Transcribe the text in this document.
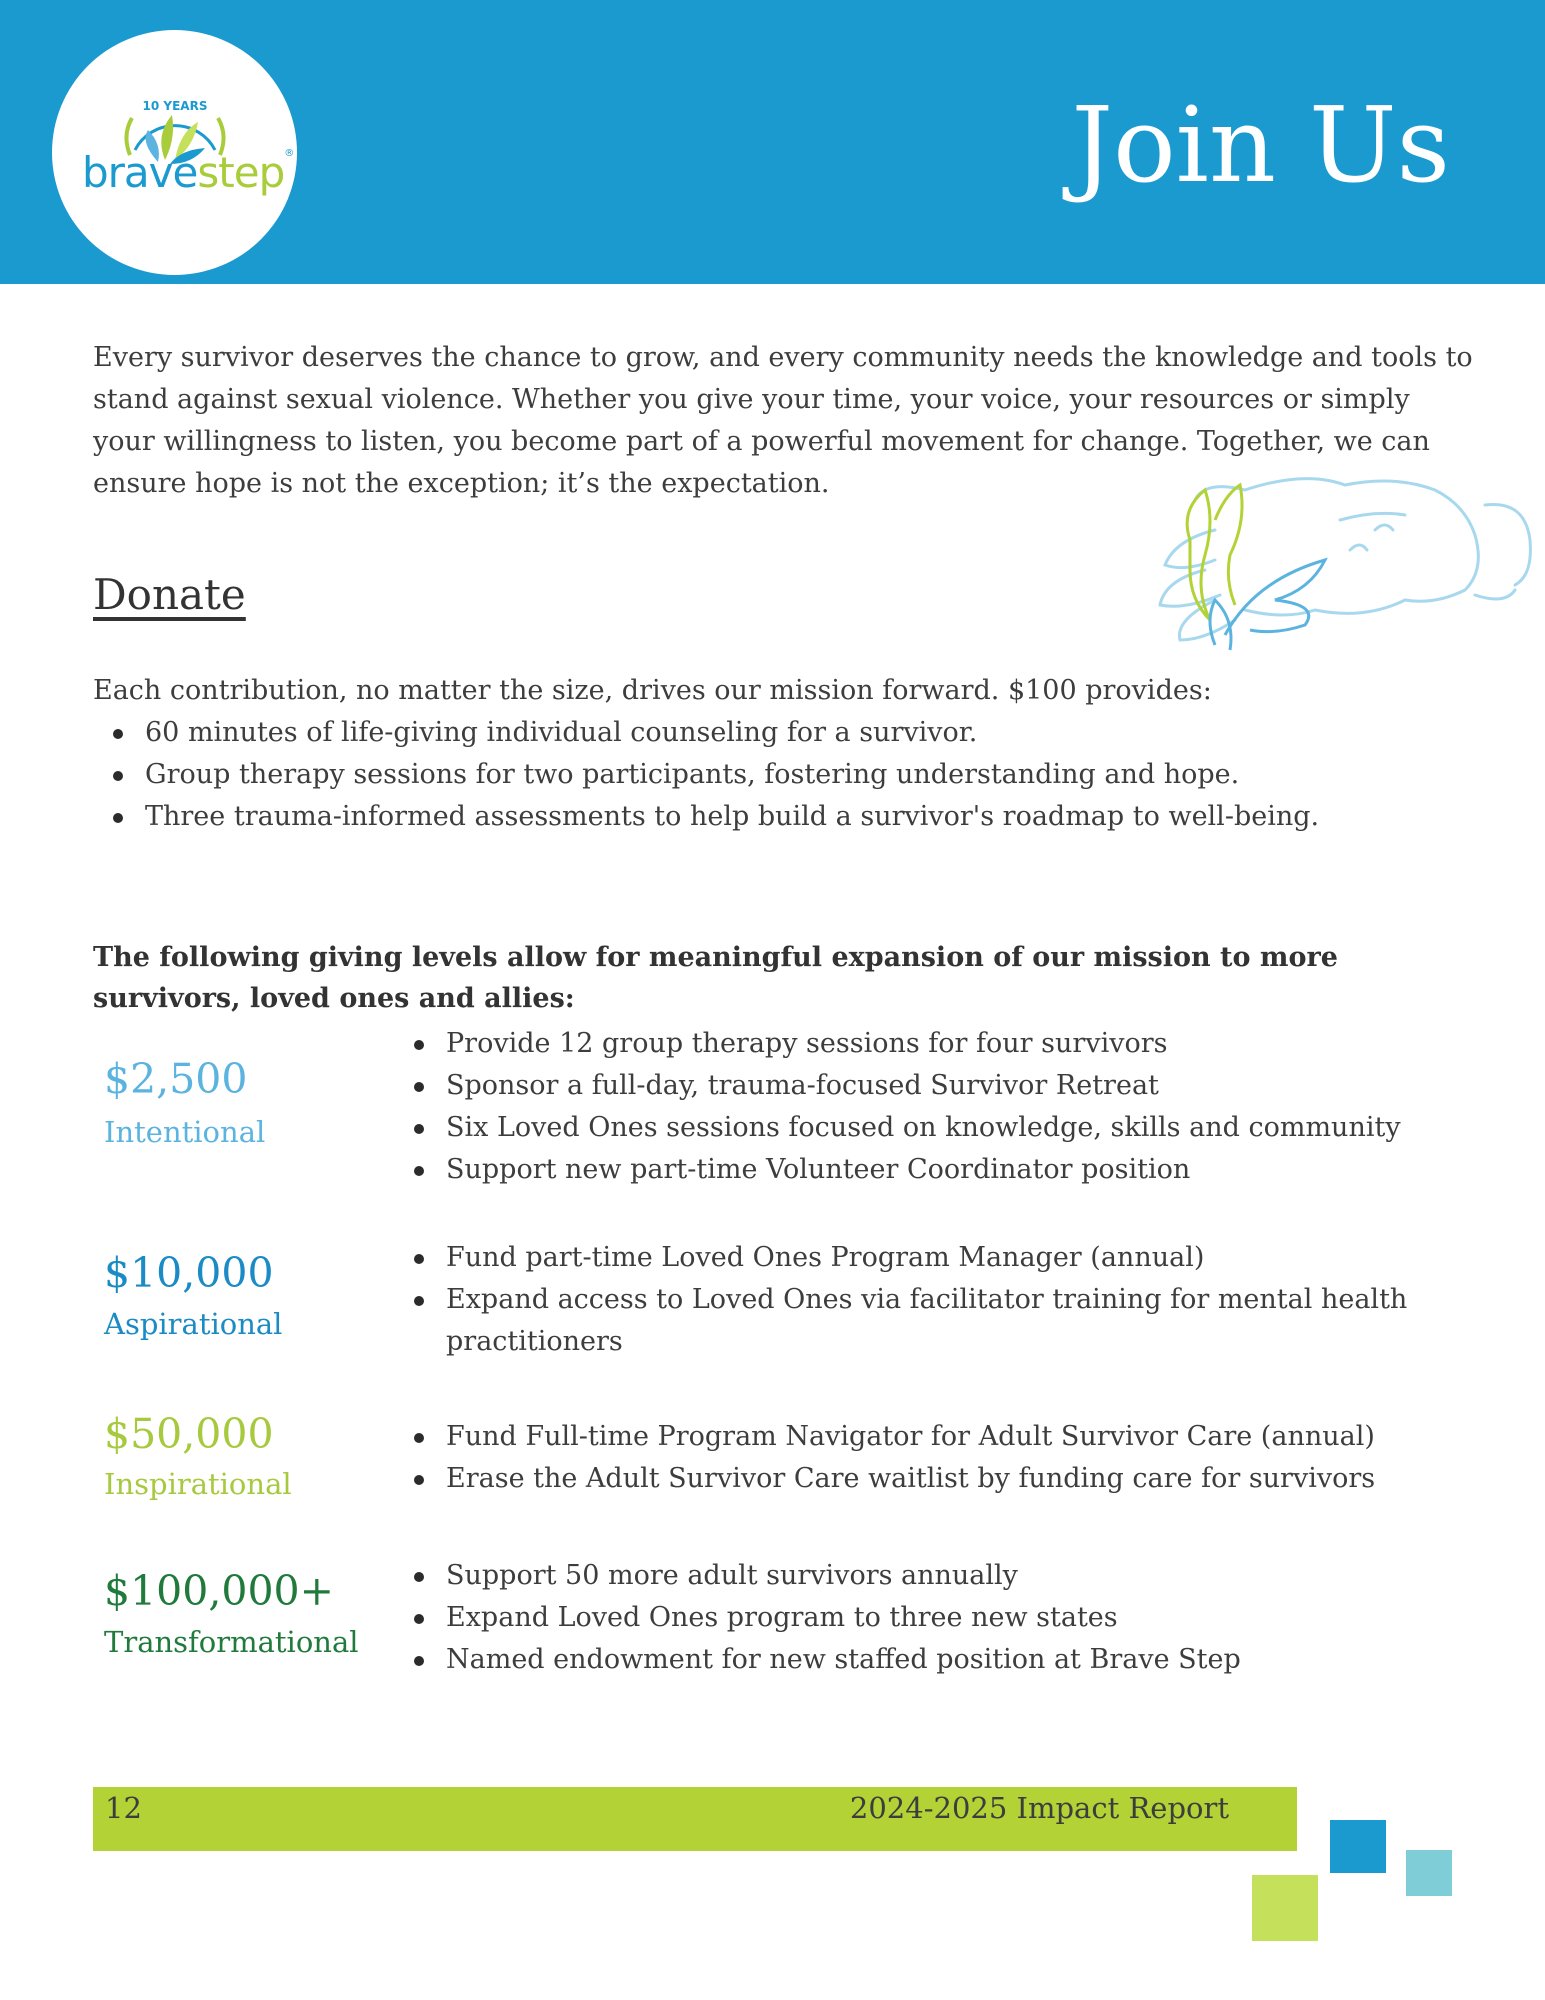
10 YEARS
bravestep®	Join Us

Every survivor deserves the chance to grow, and every community needs the knowledge and tools to stand against sexual violence. Whether you give your time, your voice, your resources or simply your willingness to listen, you become part of a powerful movement for change. Together, we can ensure hope is not the exception; it’s the expectation.

Donate

Each contribution, no matter the size, drives our mission forward. $100 provides:

60 minutes of life-giving individual counseling for a survivor.
Group therapy sessions for two participants, fostering understanding and hope.
Three trauma-informed assessments to help build a survivor's roadmap to well-being.

The following giving levels allow for meaningful expansion of our mission to more survivors, loved ones and allies:

$2,500
Intentional
Provide 12 group therapy sessions for four survivors
Sponsor a full-day, trauma-focused Survivor Retreat
Six Loved Ones sessions focused on knowledge, skills and community
Support new part-time Volunteer Coordinator position
$10,000
Aspirational
Fund part-time Loved Ones Program Manager (annual)
Expand access to Loved Ones via facilitator training for mental health practitioners
$50,000
Inspirational
Fund Full-time Program Navigator for Adult Survivor Care (annual)
Erase the Adult Survivor Care waitlist by funding care for survivors
$100,000+
Transformational
Support 50 more adult survivors annually
Expand Loved Ones program to three new states
Named endowment for new staffed position at Brave Step
12	2024-2025 Impact Report
